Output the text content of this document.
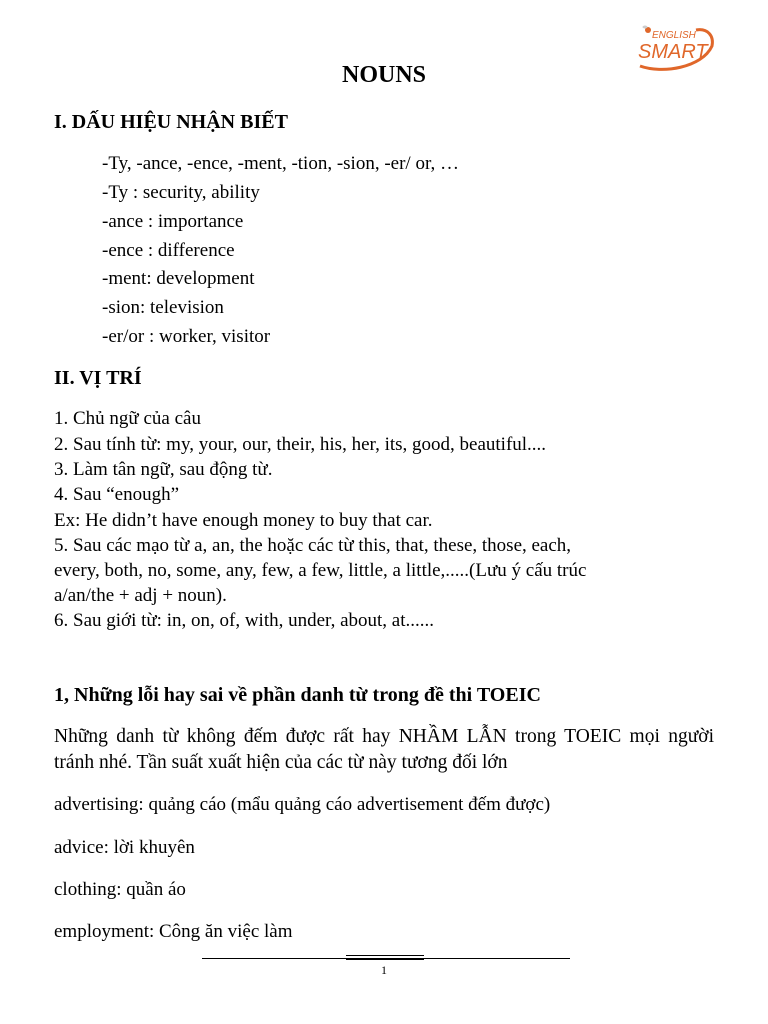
ENGLISH
SMART
NOUNS
I. DẤU HIỆU NHẬN BIẾT
-Ty, -ance, -ence, -ment, -tion, -sion, -er/ or, …
-Ty : security, ability
-ance : importance
-ence : difference
-ment: development
-sion: television
-er/or : worker, visitor
II. VỊ TRÍ
1. Chủ ngữ của câu
2. Sau tính từ: my, your, our, their, his, her, its, good, beautiful....
3. Làm tân ngữ, sau động từ.
4. Sau “enough”
Ex: He didn’t have enough money to buy that car.
5. Sau các mạo từ a, an, the hoặc các từ this, that, these, those, each,
every, both, no, some, any, few, a few, little, a little,.....(Lưu ý cấu trúc
a/an/the + adj + noun).
6. Sau giới từ: in, on, of, with, under, about, at......
1, Những lỗi hay sai về phần danh từ trong đề thi TOEIC
Những danh từ không đếm được rất hay NHẦM LẪN trong TOEIC mọi người tránh nhé. Tần suất xuất hiện của các từ này tương đối lớn
advertising: quảng cáo (mẩu quảng cáo advertisement đếm được)
advice: lời khuyên
clothing: quần áo
employment: Công ăn việc làm
1
